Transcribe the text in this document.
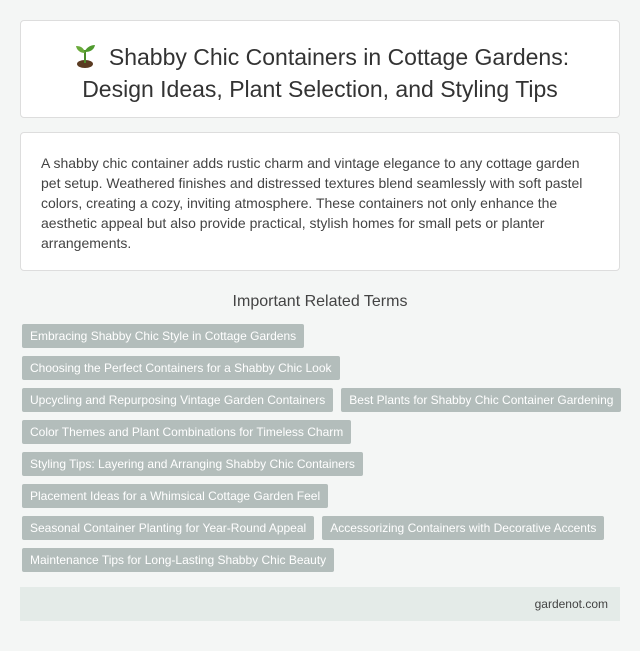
Shabby Chic Containers in Cottage Gardens: Design Ideas, Plant Selection, and Styling Tips

A shabby chic container adds rustic charm and vintage elegance to any cottage garden pet setup. Weathered finishes and distressed textures blend seamlessly with soft pastel colors, creating a cozy, inviting atmosphere. These containers not only enhance the aesthetic appeal but also provide practical, stylish homes for small pets or planter arrangements.

Important Related Terms
Embracing Shabby Chic Style in Cottage Gardens
Choosing the Perfect Containers for a Shabby Chic Look
Upcycling and Repurposing Vintage Garden Containers	Best Plants for Shabby Chic Container Gardening
Color Themes and Plant Combinations for Timeless Charm
Styling Tips: Layering and Arranging Shabby Chic Containers
Placement Ideas for a Whimsical Cottage Garden Feel
Seasonal Container Planting for Year-Round Appeal	Accessorizing Containers with Decorative Accents
Maintenance Tips for Long-Lasting Shabby Chic Beauty
gardenot.com
